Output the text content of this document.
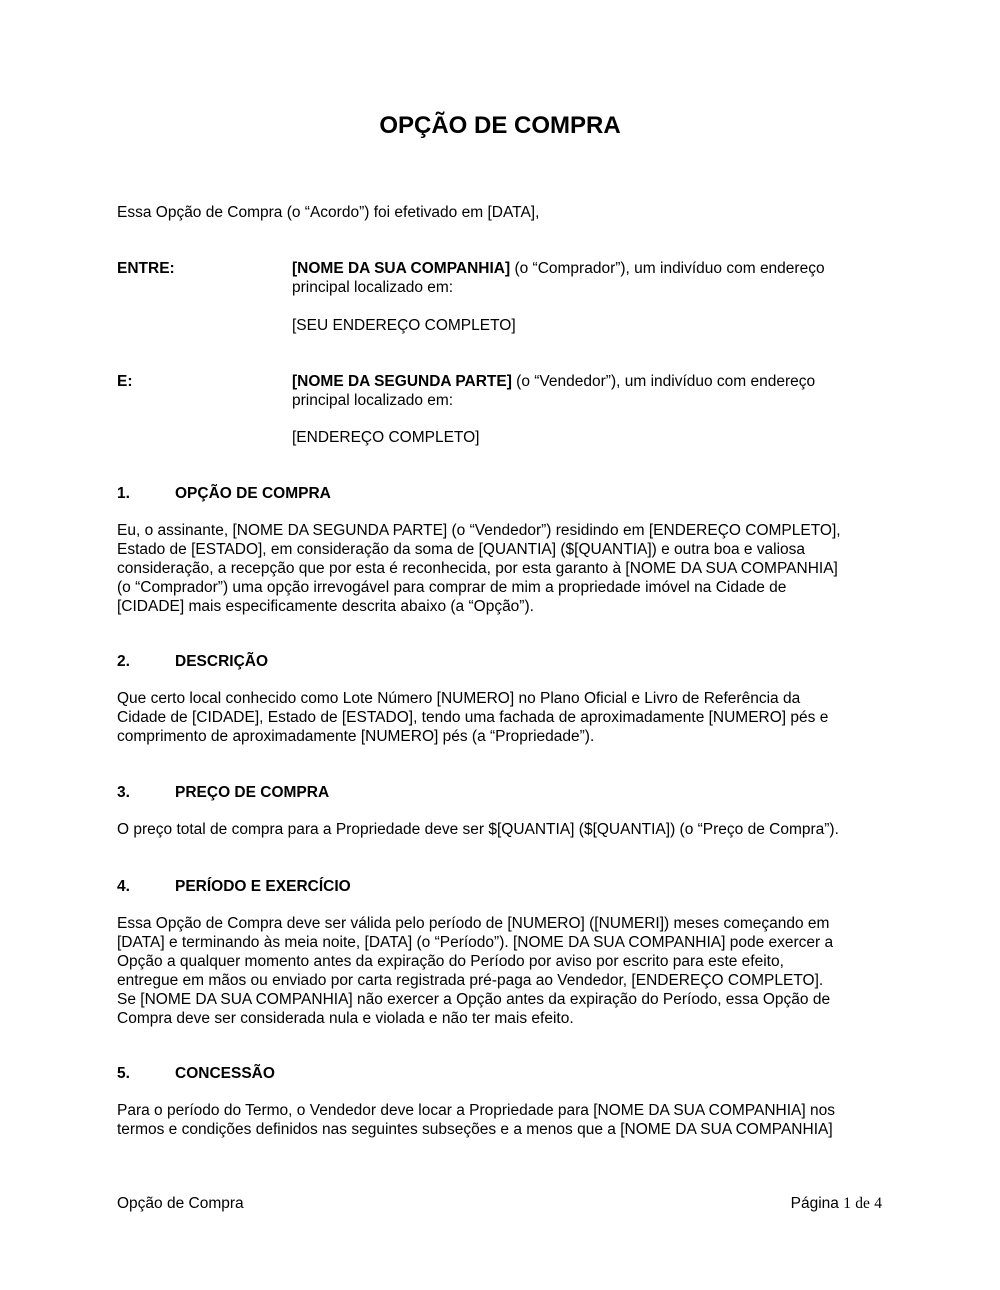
OPÇÃO DE COMPRA
Essa Opção de Compra (o “Acordo”) foi efetivado em [DATA],
ENTRE:	[NOME DA SUA COMPANHIA] (o “Comprador”), um indivíduo com endereço
principal localizado em:
[SEU ENDEREÇO COMPLETO]
E:	[NOME DA SEGUNDA PARTE] (o “Vendedor”), um indivíduo com endereço
principal localizado em:
[ENDEREÇO COMPLETO]
1.	OPÇÃO DE COMPRA
Eu, o assinante, [NOME DA SEGUNDA PARTE] (o “Vendedor”) residindo em [ENDEREÇO COMPLETO],
Estado de [ESTADO], em consideração da soma de [QUANTIA] ($[QUANTIA]) e outra boa e valiosa
consideração, a recepção que por esta é reconhecida, por esta garanto à [NOME DA SUA COMPANHIA]
(o “Comprador”) uma opção irrevogável para comprar de mim a propriedade imóvel na Cidade de
[CIDADE] mais especificamente descrita abaixo (a “Opção”).
2.	DESCRIÇÃO
Que certo local conhecido como Lote Número [NUMERO] no Plano Oficial e Livro de Referência da
Cidade de [CIDADE], Estado de [ESTADO], tendo uma fachada de aproximadamente [NUMERO] pés e
comprimento de aproximadamente [NUMERO] pés (a “Propriedade”).
3.	PREÇO DE COMPRA
O preço total de compra para a Propriedade deve ser $[QUANTIA] ($[QUANTIA]) (o “Preço de Compra”).
4.	PERÍODO E EXERCÍCIO
Essa Opção de Compra deve ser válida pelo período de [NUMERO] ([NUMERI]) meses começando em
[DATA] e terminando às meia noite, [DATA] (o “Período”). [NOME DA SUA COMPANHIA] pode exercer a
Opção a qualquer momento antes da expiração do Período por aviso por escrito para este efeito,
entregue em mãos ou enviado por carta registrada pré-paga ao Vendedor, [ENDEREÇO COMPLETO].
Se [NOME DA SUA COMPANHIA] não exercer a Opção antes da expiração do Período, essa Opção de
Compra deve ser considerada nula e violada e não ter mais efeito.
5.	CONCESSÃO
Para o período do Termo, o Vendedor deve locar a Propriedade para [NOME DA SUA COMPANHIA] nos
termos e condições definidos nas seguintes subseções e a menos que a [NOME DA SUA COMPANHIA]
Opção de Compra	Página 1 de 4
